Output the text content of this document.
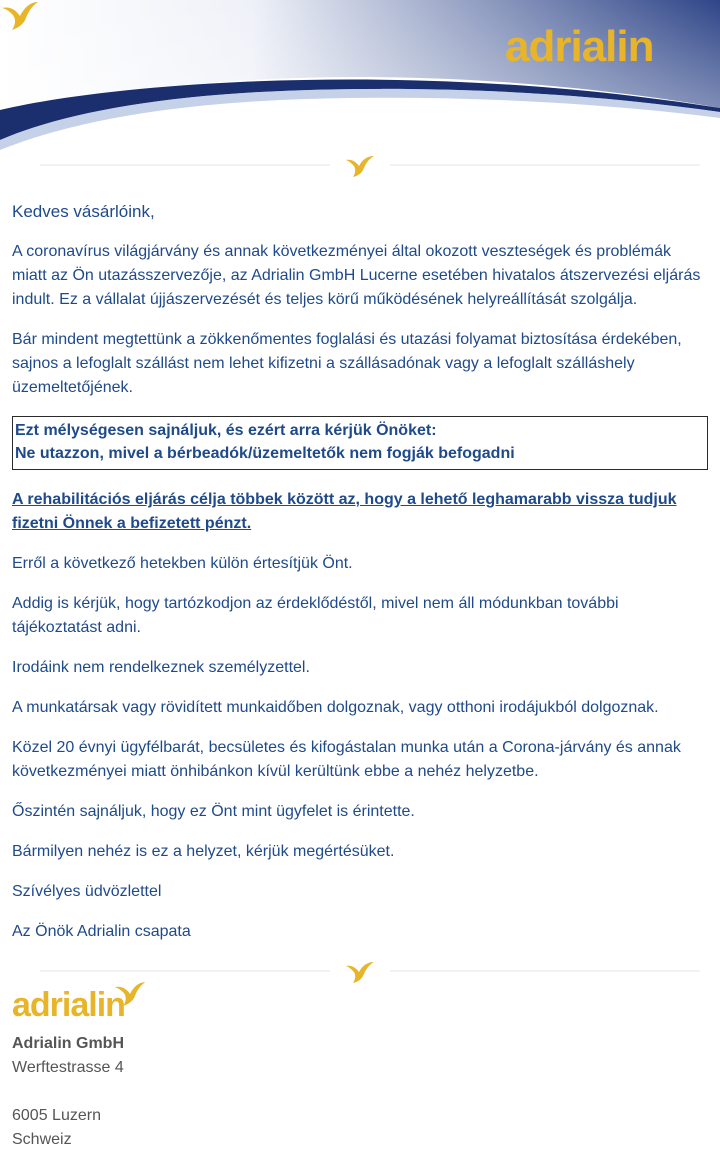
adrialin

Kedves vásárlóink,

A coronavírus világjárvány és annak következményei által okozott veszteségek és problémák miatt az Ön utazásszervezője, az Adrialin GmbH Lucerne esetében hivatalos átszervezési eljárás indult. Ez a vállalat újjászervezését és teljes körű működésének helyreállítását szolgálja.

Bár mindent megtettünk a zökkenőmentes foglalási és utazási folyamat biztosítása érdekében, sajnos a lefoglalt szállást nem lehet kifizetni a szállásadónak vagy a lefoglalt szálláshely üzemeltetőjének.

Ezt mélységesen sajnáljuk, és ezért arra kérjük Önöket:
Ne utazzon, mivel a bérbeadók/üzemeltetők nem fogják befogadni

A rehabilitációs eljárás célja többek között az, hogy a lehető leghamarabb vissza tudjuk fizetni Önnek a befizetett pénzt.

Erről a következő hetekben külön értesítjük Önt.

Addig is kérjük, hogy tartózkodjon az érdeklődéstől, mivel nem áll módunkban további tájékoztatást adni.

Irodáink nem rendelkeznek személyzettel.

A munkatársak vagy rövidített munkaidőben dolgoznak, vagy otthoni irodájukból dolgoznak.

Közel 20 évnyi ügyfélbarát, becsületes és kifogástalan munka után a Corona-járvány és annak következményei miatt önhibánkon kívül kerültünk ebbe a nehéz helyzetbe.

Őszintén sajnáljuk, hogy ez Önt mint ügyfelet is érintette.

Bármilyen nehéz is ez a helyzet, kérjük megértésüket.

Szívélyes üdvözlettel

Az Önök Adrialin csapata

adrialin
Adrialin GmbH
Werftestrasse 4
6005 Luzern
Schweiz
